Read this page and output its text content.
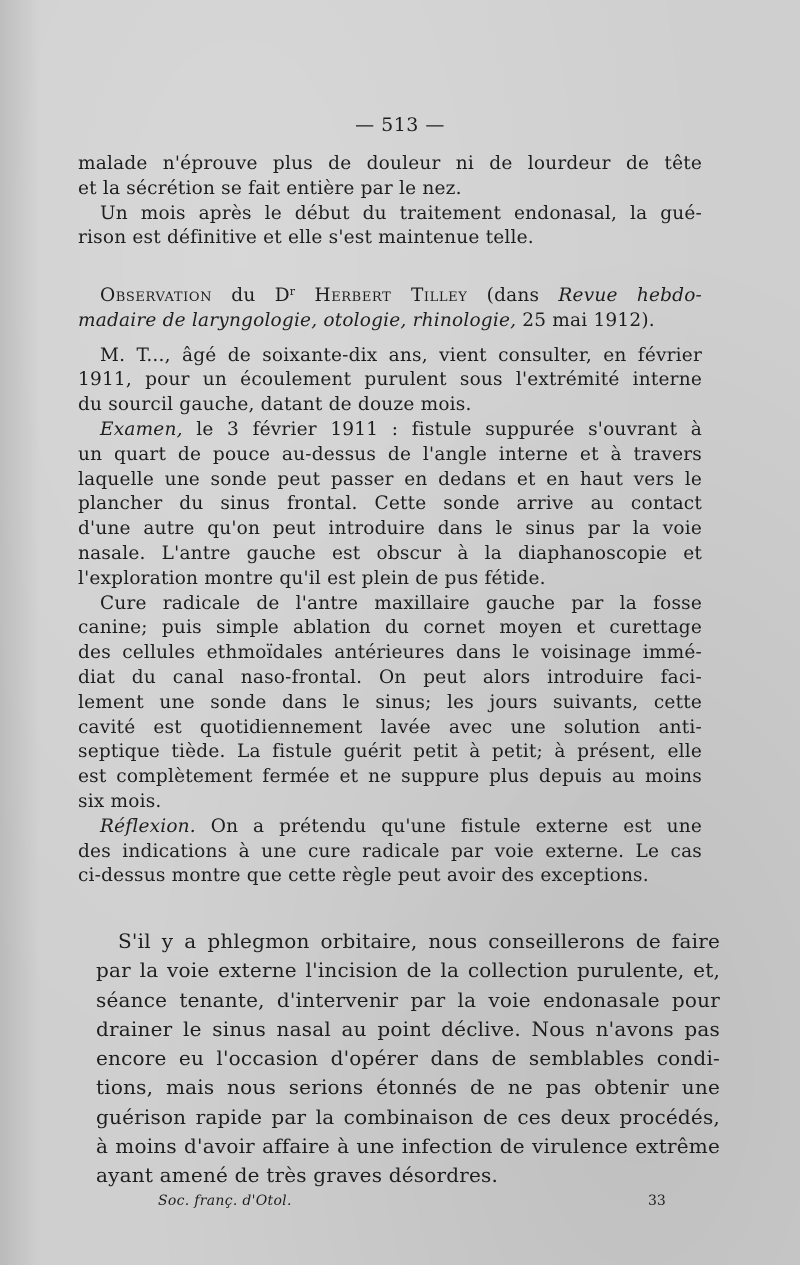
— 513 —
malade n'éprouve plus de douleur ni de lourdeur de tête
et la sécrétion se fait entière par le nez.
Un mois après le début du traitement endonasal, la gué-
rison est définitive et elle s'est maintenue telle.
Observation du $D^r$ Herbert Tilley (dans Revue hebdo-
madaire de laryngologie, otologie, rhinologie, 25 mai 1912).
M. T..., âgé de soixante-dix ans, vient consulter, en février
1911, pour un écoulement purulent sous l'extrémité interne
du sourcil gauche, datant de douze mois.
Examen, le 3 février 1911 : fistule suppurée s'ouvrant à
un quart de pouce au-dessus de l'angle interne et à travers
laquelle une sonde peut passer en dedans et en haut vers le
plancher du sinus frontal. Cette sonde arrive au contact
d'une autre qu'on peut introduire dans le sinus par la voie
nasale. L'antre gauche est obscur à la diaphanoscopie et
l'exploration montre qu'il est plein de pus fétide.
Cure radicale de l'antre maxillaire gauche par la fosse
canine; puis simple ablation du cornet moyen et curettage
des cellules ethmoïdales antérieures dans le voisinage immé-
diat du canal naso-frontal. On peut alors introduire faci-
lement une sonde dans le sinus; les jours suivants, cette
cavité est quotidiennement lavée avec une solution anti-
septique tiède. La fistule guérit petit à petit; à présent, elle
est complètement fermée et ne suppure plus depuis au moins
six mois.
Réflexion. On a prétendu qu'une fistule externe est une
des indications à une cure radicale par voie externe. Le cas
ci-dessus montre que cette règle peut avoir des exceptions.
S'il y a phlegmon orbitaire, nous conseillerons de faire
par la voie externe l'incision de la collection purulente, et,
séance tenante, d'intervenir par la voie endonasale pour
drainer le sinus nasal au point déclive. Nous n'avons pas
encore eu l'occasion d'opérer dans de semblables condi-
tions, mais nous serions étonnés de ne pas obtenir une
guérison rapide par la combinaison de ces deux procédés,
à moins d'avoir affaire à une infection de virulence extrême
ayant amené de très graves désordres.
Soc. franç. d'Otol.	33
